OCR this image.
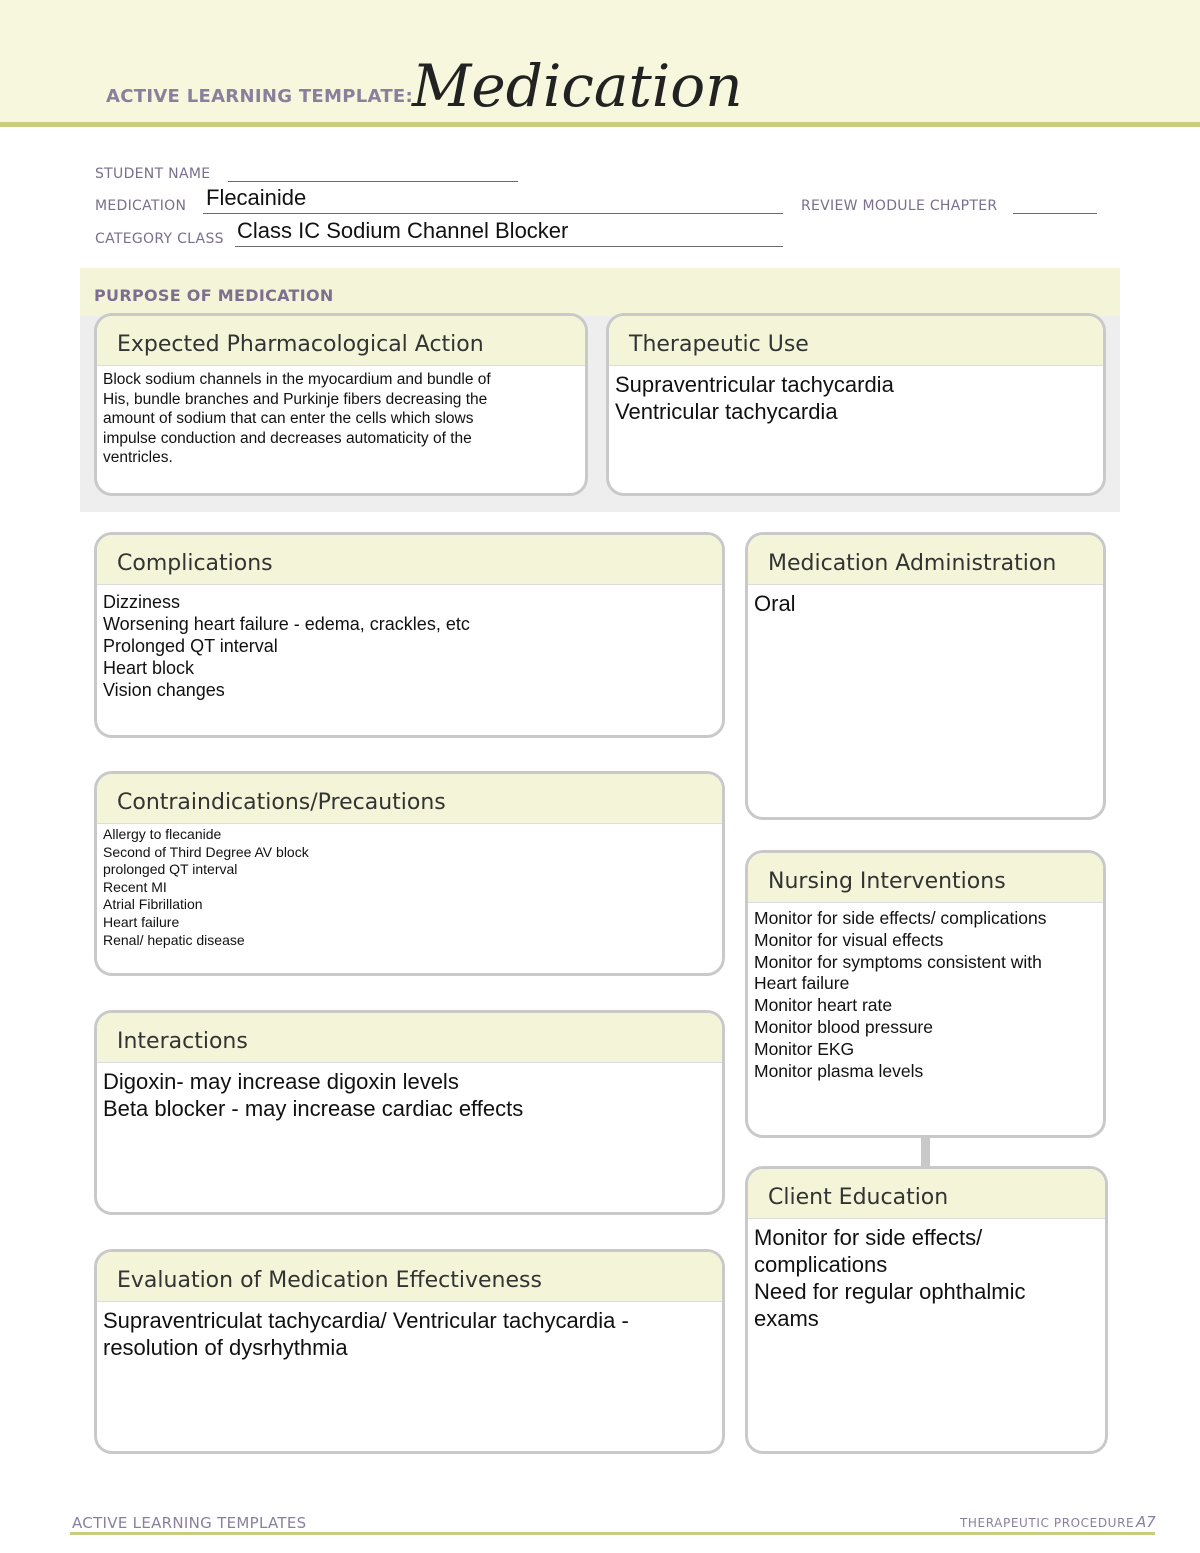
ACTIVE LEARNING TEMPLATE: Medication
STUDENT NAME
MEDICATION Flecainide	REVIEW MODULE CHAPTER
CATEGORY CLASS Class IC Sodium Channel Blocker
PURPOSE OF MEDICATION
Expected Pharmacological Action
Block sodium channels in the myocardium and bundle of
His, bundle branches and Purkinje fibers decreasing the
amount of sodium that can enter the cells which slows
impulse conduction and decreases automaticity of the
ventricles.
Therapeutic Use
Supraventricular tachycardia
Ventricular tachycardia
Complications
Dizziness
Worsening heart failure - edema, crackles, etc
Prolonged QT interval
Heart block
Vision changes
Medication Administration
Oral
Contraindications/Precautions
Allergy to flecanide
Second of Third Degree AV block
prolonged QT interval
Recent MI
Atrial Fibrillation
Heart failure
Renal/ hepatic disease
Nursing Interventions
Monitor for side effects/ complications
Monitor for visual effects
Monitor for symptoms consistent with
Heart failure
Monitor heart rate
Monitor blood pressure
Monitor EKG
Monitor plasma levels
Interactions
Digoxin- may increase digoxin levels
Beta blocker - may increase cardiac effects
Client Education
Monitor for side effects/
complications
Need for regular ophthalmic
exams
Evaluation of Medication Effectiveness
Supraventriculat tachycardia/ Ventricular tachycardia -
resolution of dysrhythmia
ACTIVE LEARNING TEMPLATES	THERAPEUTIC PROCEDURE A7
